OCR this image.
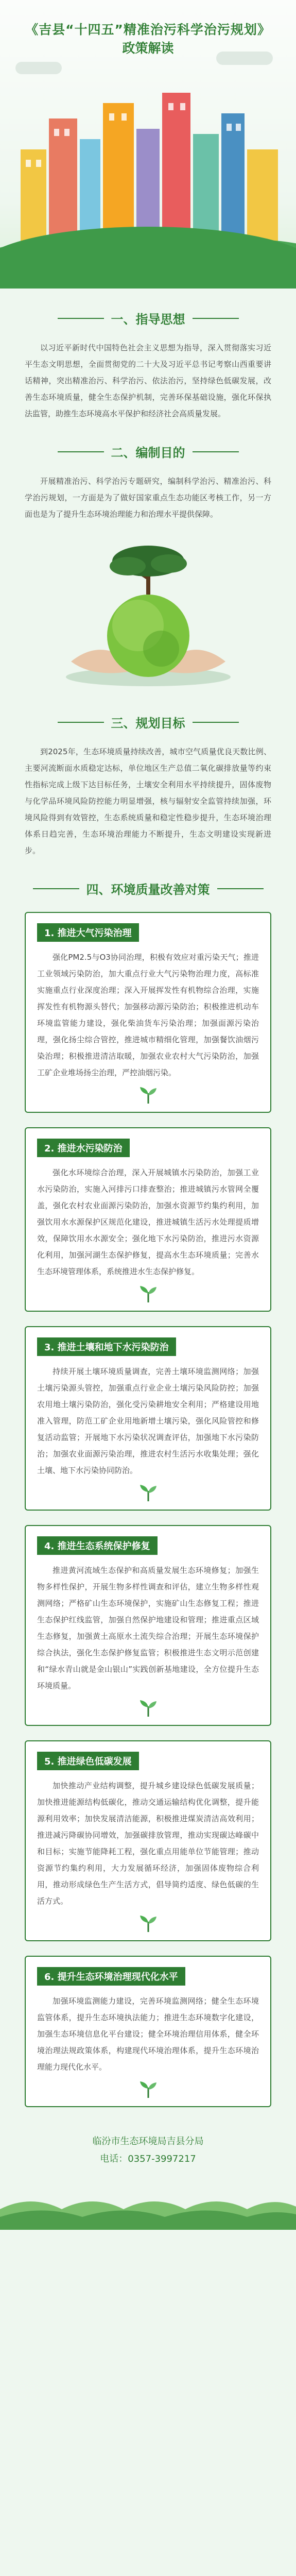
《吉县“十四五”精准治污科学治污规划》
政策解读
一、指导思想

以习近平新时代中国特色社会主义思想为指导，深入贯彻落实习近平生态文明思想，全面贯彻党的二十大及习近平总书记考察山西重要讲话精神，突出精准治污、科学治污、依法治污，坚持绿色低碳发展，改善生态环境质量，健全生态保护机制，完善环保基础设施，强化环保执法监管，助推生态环境高水平保护和经济社会高质量发展。

二、编制目的

开展精准治污、科学治污专题研究，编制科学治污、精准治污、科学治污规划，一方面是为了做好国家重点生态功能区考核工作，另一方面也是为了提升生态环境治理能力和治理水平提供保障。

三、规划目标

到2025年，生态环境质量持续改善，城市空气质量优良天数比例、主要河流断面水质稳定达标，单位地区生产总值二氧化碳排放量等约束性指标完成上级下达目标任务，土壤安全利用水平持续提升，固体废物与化学品环境风险防控能力明显增强，核与辐射安全监管持续加强，环境风险得到有效管控，生态系统质量和稳定性稳步提升，生态环境治理体系日趋完善，生态环境治理能力不断提升，生态文明建设实现新进步。

四、环境质量改善对策
1. 推进大气污染治理

强化PM2.5与O3协同治理，积极有效应对重污染天气；推进工业领域污染防治，加大重点行业大气污染物治理力度，高标准实施重点行业深度治理；深入开展挥发性有机物综合治理，实施挥发性有机物源头替代；加强移动源污染防治；积极推进机动车环境监管能力建设，强化柴油货车污染治理；加强面源污染治理，强化扬尘综合管控，推进城市精细化管理，加强餐饮油烟污染治理；积极推进清洁取暖，加强农业农村大气污染防治，加强工矿企业堆场扬尘治理，严控油烟污染。

2. 推进水污染防治

强化水环境综合治理，深入开展城镇水污染防治，加强工业水污染防治，实施入河排污口排查整治；推进城镇污水管网全覆盖，强化农村农业面源污染防治，加强水资源节约集约利用，加强饮用水水源保护区规范化建设，推进城镇生活污水处理提质增效，保障饮用水水源安全；强化地下水污染防治，推进污水资源化利用，加强河湖生态保护修复，提高水生态环境质量；完善水生态环境管理体系，系统推进水生态保护修复。

3. 推进土壤和地下水污染防治

持续开展土壤环境质量调查，完善土壤环境监测网络；加强土壤污染源头管控，加强重点行业企业土壤污染风险防控；加强农用地土壤污染防治，强化受污染耕地安全利用；严格建设用地准入管理，防范工矿企业用地新增土壤污染，强化风险管控和修复活动监管；开展地下水污染状况调查评估，加强地下水污染防治；加强农业面源污染治理，推进农村生活污水收集处理；强化土壤、地下水污染协同防治。

4. 推进生态系统保护修复

推进黄河流域生态保护和高质量发展生态环境修复；加强生物多样性保护，开展生物多样性调查和评估，建立生物多样性观测网络；严格矿山生态环境保护，实施矿山生态修复工程；推进生态保护红线监管，加强自然保护地建设和管理；推进重点区域生态修复，加强黄土高原水土流失综合治理；开展生态环境保护综合执法，强化生态保护修复监管；积极推进生态文明示范创建和“绿水青山就是金山银山”实践创新基地建设，全方位提升生态环境质量。

5. 推进绿色低碳发展

加快推动产业结构调整，提升城乡建设绿色低碳发展质量；加快推进能源结构低碳化，推动交通运输结构优化调整，提升能源利用效率；加快发展清洁能源，积极推进煤炭清洁高效利用；推进减污降碳协同增效，加强碳排放管理，推动实现碳达峰碳中和目标；实施节能降耗工程，强化重点用能单位节能管理；推动资源节约集约利用，大力发展循环经济，加强固体废物综合利用，推动形成绿色生产生活方式，倡导简约适度、绿色低碳的生活方式。

6. 提升生态环境治理现代化水平

加强环境监测能力建设，完善环境监测网络；健全生态环境监管体系，提升生态环境执法能力；推进生态环境数字化建设，加强生态环境信息化平台建设；健全环境治理信用体系，健全环境治理法规政策体系，构建现代环境治理体系，提升生态环境治理能力现代化水平。

临汾市生态环境局吉县分局
电话：0357-3997217
